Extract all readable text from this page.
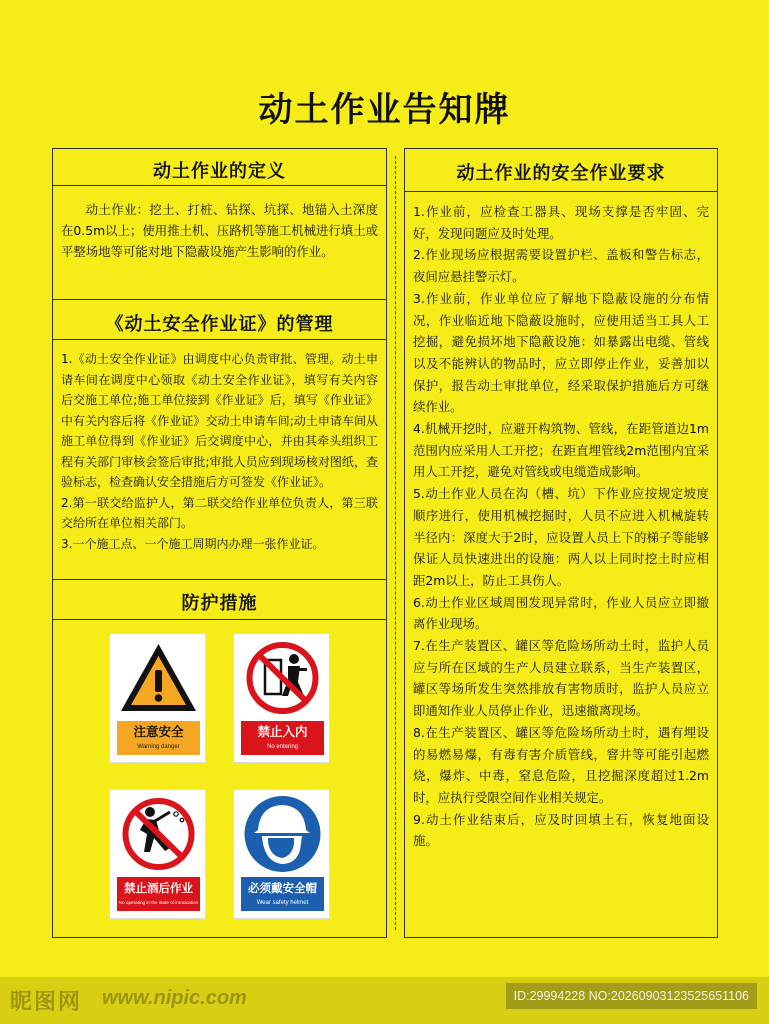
动土作业告知牌
动土作业的定义
动土作业：挖土、打桩、钻探、坑探、地锚入土深度在0.5m以上；使用推土机、压路机等施工机械进行填土或平整场地等可能对地下隐蔽设施产生影响的作业。
《动土安全作业证》的管理
1.《动土安全作业证》由调度中心负责审批、管理。动土申请车间在调度中心领取《动土安全作业证》，填写有关内容后交施工单位;施工单位接到《作业证》后，填写《作业证》中有关内容后将《作业证》交动土申请车间;动土申请车间从施工单位得到《作业证》后交调度中心，并由其牵头组织工程有关部门审核会签后审批;审批人员应到现场核对图纸，查验标志，检查确认安全措施后方可签发《作业证》。
2.第一联交给监护人，第二联交给作业单位负责人，第三联交给所在单位相关部门。
3.一个施工点、一个施工周期内办理一张作业证。
防护措施
注意安全
Warning danger
禁止入内
No entering
禁止酒后作业
No operating in the state of intoxication
必须戴安全帽
Wear safety helmet
动土作业的安全作业要求
1.作业前，应检查工器具、现场支撑是否牢固、完好，发现问题应及时处理。
2.作业现场应根据需要设置护栏、盖板和警告标志，夜间应悬挂警示灯。
3.作业前，作业单位应了解地下隐蔽设施的分布情况，作业临近地下隐蔽设施时，应使用适当工具人工挖掘，避免损坏地下隐蔽设施：如暴露出电缆、管线以及不能辨认的物品时，应立即停止作业，妥善加以保护，报告动土审批单位，经采取保护措施后方可继续作业。
4.机械开挖时，应避开构筑物、管线，在距管道边1m范围内应采用人工开挖；在距直埋管线2m范围内宜采用人工开挖，避免对管线或电缆造成影响。
5.动土作业人员在沟（槽、坑）下作业应按规定坡度顺序进行，使用机械挖掘时，人员不应进入机械旋转半径内：深度大于2时，应设置人员上下的梯子等能够保证人员快速进出的设施：两人以上同时挖土时应相距2m以上，防止工具伤人。
6.动土作业区域周围发现异常时，作业人员应立即撤离作业现场。
7.在生产装置区、罐区等危险场所动土时，监护人员应与所在区域的生产人员建立联系，当生产装置区，罐区等场所发生突然排放有害物质时，监护人员应立即通知作业人员停止作业，迅速撤离现场。
8.在生产装置区、罐区等危险场所动土时，遇有埋设的易燃易爆，有毒有害介质管线，窨井等可能引起燃烧，爆炸、中毒，窒息危险，且挖掘深度超过1.2m时，应执行受限空间作业相关规定。
9.动土作业结束后，应及时回填土石，恢复地面设施。
昵图网 www.nipic.com	ID:29994228 NO:20260903123525651106
